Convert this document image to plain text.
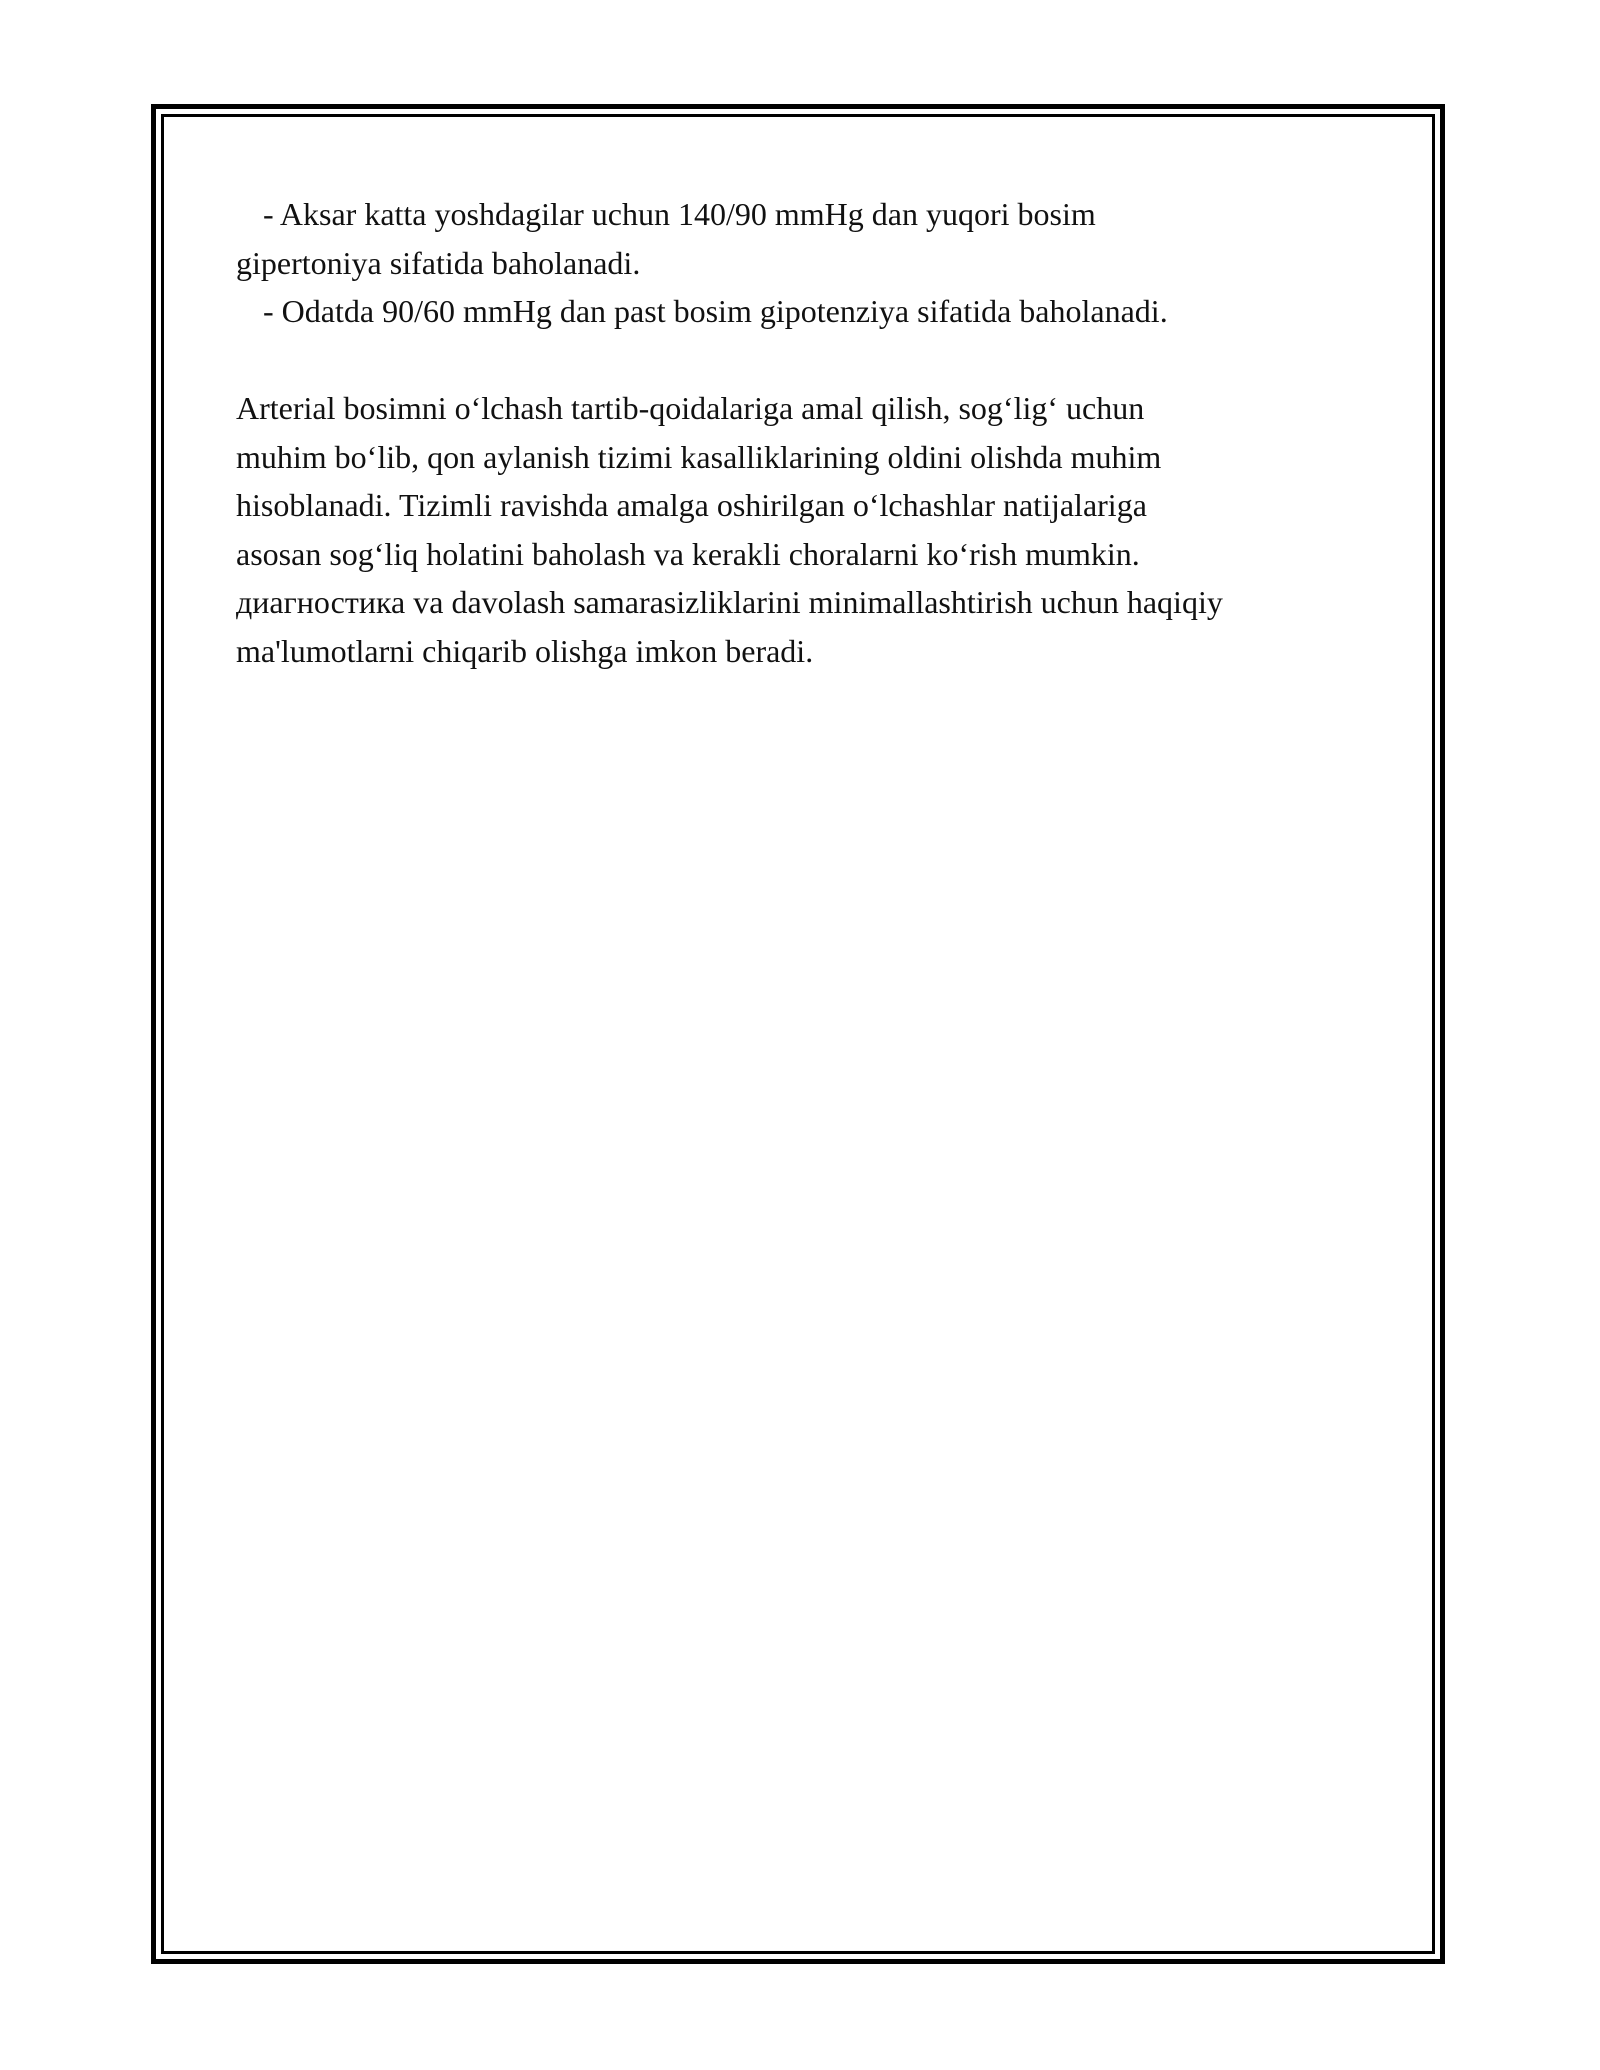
- Aksar katta yoshdagilar uchun 140/90 mmHg dan yuqori bosim
gipertoniya sifatida baholanadi.
- Odatda 90/60 mmHg dan past bosim gipotenziya sifatida baholanadi.
Arterial bosimni o‘lchash tartib-qoidalariga amal qilish, sog‘lig‘ uchun
muhim bo‘lib, qon aylanish tizimi kasalliklarining oldini olishda muhim
hisoblanadi. Tizimli ravishda amalga oshirilgan o‘lchashlar natijalariga
asosan sog‘liq holatini baholash va kerakli choralarni ko‘rish mumkin.
диагностика va davolash samarasizliklarini minimallashtirish uchun haqiqiy
ma'lumotlarni chiqarib olishga imkon beradi.
